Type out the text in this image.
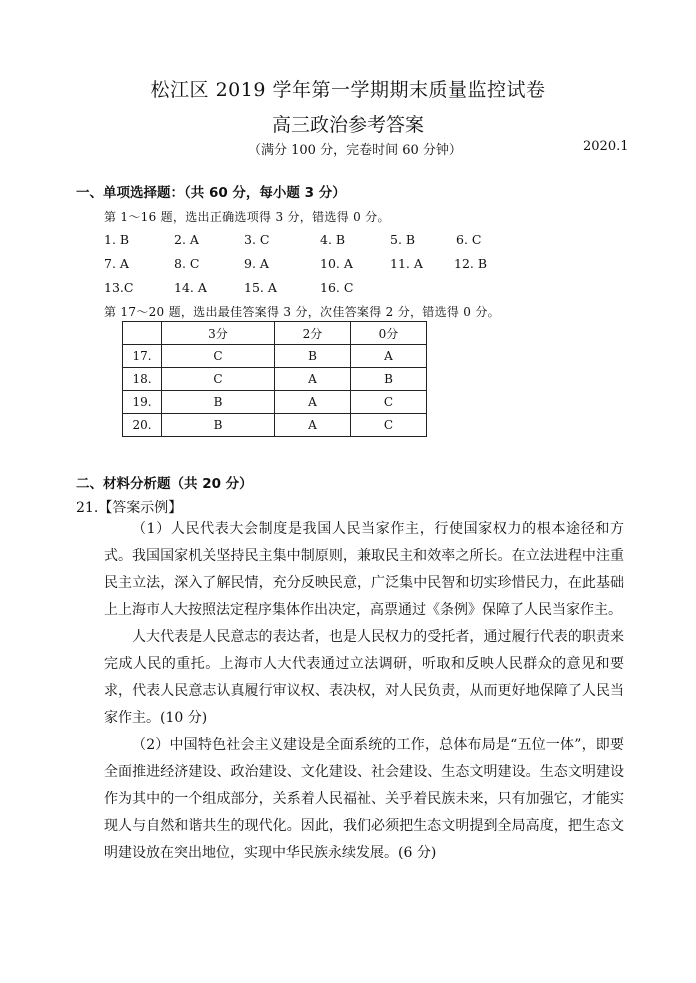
松江区 2019 学年第一学期期末质量监控试卷
高三政治参考答案
（满分 100 分，完卷时间 60 分钟）	2020.1
一、单项选择题：（共 60 分，每小题 3 分）
第 1～16 题，选出正确选项得 3 分，错选得 0 分。
1. B	2. A	3. C	4. B	5. B	6. C
7. A	8. C	9. A	10. A	11. A 12. B
13.C	14. A	15. A	16. C
第 17～20 题，选出最佳答案得 3 分，次佳答案得 2 分，错选得 0 分。
	3分	2分	0分
17.	C	B	A
18.	C	A	B
19.	B	A	C
20.	B	A	C
二、材料分析题（共 20 分）
21.【答案示例】
（1）人民代表大会制度是我国人民当家作主，行使国家权力的根本途径和方式。 我国国家机关坚持民主集中制原则，兼取民主和效率之所长。在立法进程中注重民主立法，深入了解民情，充分反映民意，广泛集中民智和切实珍惜民力，在此基础上上海市人大按照法定程序集体作出决定，高票通过《条例》保障了人民当家作主。
人大代表是人民意志的表达者，也是人民权力的受托者，通过履行代表的职责来完成人民的重托。上海市人大代表通过立法调研，听取和反映人民群众的意见和要求，代表人民意志认真履行审议权、表决权，对人民负责，从而更好地保障了人民当家作主。(10 分)
（2）中国特色社会主义建设是全面系统的工作，总体布局是“五位一体”，即要全面推进经济建设、政治建设、文化建设、社会建设、生态文明建设。生态文明建设作为其中的一个组成部分，关系着人民福祉、关乎着民族未来，只有加强它，才能实现人与自然和谐共生的现代化。因此，我们必须把生态文明提到全局高度，把生态文明建设放在突出地位，实现中华民族永续发展。(6 分)
